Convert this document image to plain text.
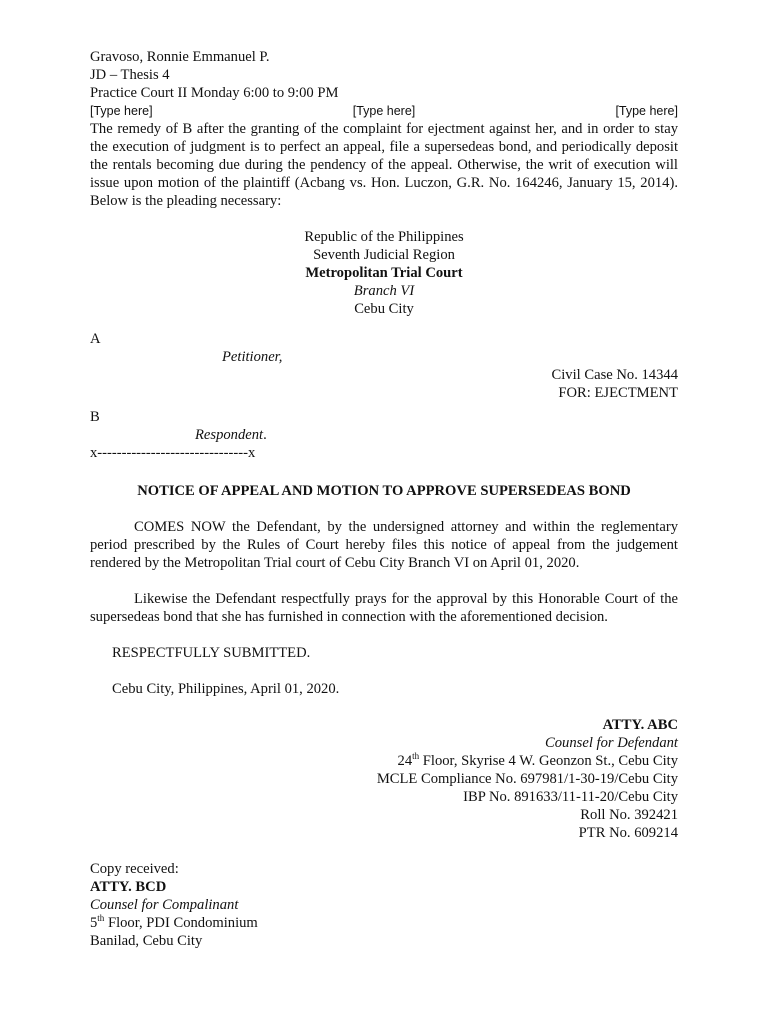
Gravoso, Ronnie Emmanuel P.
JD – Thesis 4
Practice Court II Monday 6:00 to 9:00 PM
[Type here]	[Type here]	[Type here]
The remedy of B after the granting of the complaint for ejectment against her, and in order to stay the execution of judgment is to perfect an appeal, file a supersedeas bond, and periodically deposit the rentals becoming due during the pendency of the appeal. Otherwise, the writ of execution will issue upon motion of the plaintiff (Acbang vs. Hon. Luczon, G.R. No. 164246, January 15, 2014). Below is the pleading necessary:
Republic of the Philippines
Seventh Judicial Region
Metropolitan Trial Court
Branch VI
Cebu City
A
Petitioner,
Civil Case No. 14344
FOR: EJECTMENT
B
Respondent.
x-------------------------------x
NOTICE OF APPEAL AND MOTION TO APPROVE SUPERSEDEAS BOND
COMES NOW the Defendant, by the undersigned attorney and within the reglementary period prescribed by the Rules of Court hereby files this notice of appeal from the judgement rendered by the Metropolitan Trial court of Cebu City Branch VI on April 01, 2020.
Likewise the Defendant respectfully prays for the approval by this Honorable Court of the supersedeas bond that she has furnished in connection with the aforementioned decision.
RESPECTFULLY SUBMITTED.
Cebu City, Philippines, April 01, 2020.
ATTY. ABC
Counsel for Defendant
24th Floor, Skyrise 4 W. Geonzon St., Cebu City
MCLE Compliance No. 697981/1-30-19/Cebu City
IBP No. 891633/11-11-20/Cebu City
Roll No. 392421
PTR No. 609214
Copy received:
ATTY. BCD
Counsel for Compalinant
5th Floor, PDI Condominium
Banilad, Cebu City
